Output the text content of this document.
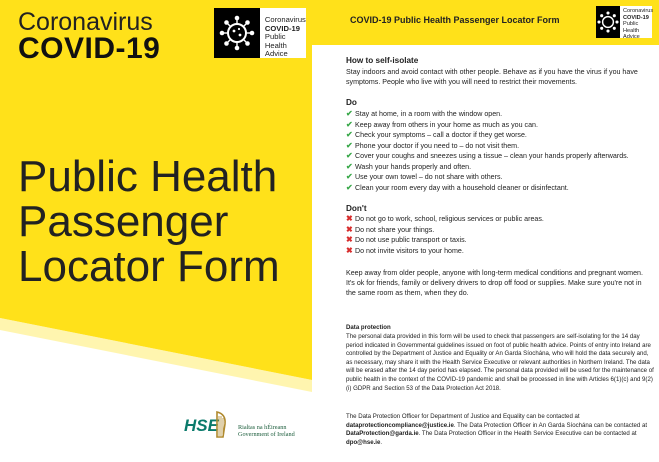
Coronavirus
COVID-19
Coronavirus
COVID-19
Public Health
Advice
Public Health
Passenger
Locator Form
HSE	Rialtas na hÉireann
Government of Ireland
COVID-19 Public Health Passenger Locator Form
Coronavirus
COVID-19
Public Health
Advice
How to self-isolate
Stay indoors and avoid contact with other people. Behave as if you have the virus if you have symptoms. People who live with you will need to restrict their movements.
Do
✔ Stay at home, in a room with the window open.
✔ Keep away from others in your home as much as you can.
✔ Check your symptoms – call a doctor if they get worse.
✔ Phone your doctor if you need to – do not visit them.
✔ Cover your coughs and sneezes using a tissue – clean your hands properly afterwards.
✔ Wash your hands properly and often.
✔ Use your own towel – do not share with others.
✔ Clean your room every day with a household cleaner or disinfectant.
Don't
✖ Do not go to work, school, religious services or public areas.
✖ Do not share your things.
✖ Do not use public transport or taxis.
✖ Do not invite visitors to your home.
Keep away from older people, anyone with long-term medical conditions and pregnant women. It's ok for friends, family or delivery drivers to drop off food or supplies. Make sure you're not in the same room as them, when they do.
Data protection
The personal data provided in this form will be used to check that passengers are self-isolating for the 14 day period indicated in Governmental guidelines issued on foot of public health advice. Points of entry into Ireland are controlled by the Department of Justice and Equality or An Garda Síochána, who will hold the data securely and, as necessary, may share it with the Health Service Executive or relevant authorities in Northern Ireland. The data will be erased after the 14 day period has elapsed. The personal data provided will be used for the maintenance of public health in the context of the COVID-19 pandemic and shall be processed in line with Articles 6(1)(c) and 9(2)(i) GDPR and Section 53 of the Data Protection Act 2018.
The Data Protection Officer for Department of Justice and Equality can be contacted at dataprotectioncompliance@justice.ie. The Data Protection Officer in An Garda Síochána can be contacted at DataProtection@garda.ie. The Data Protection Officer in the Health Service Executive can be contacted at dpo@hse.ie.
